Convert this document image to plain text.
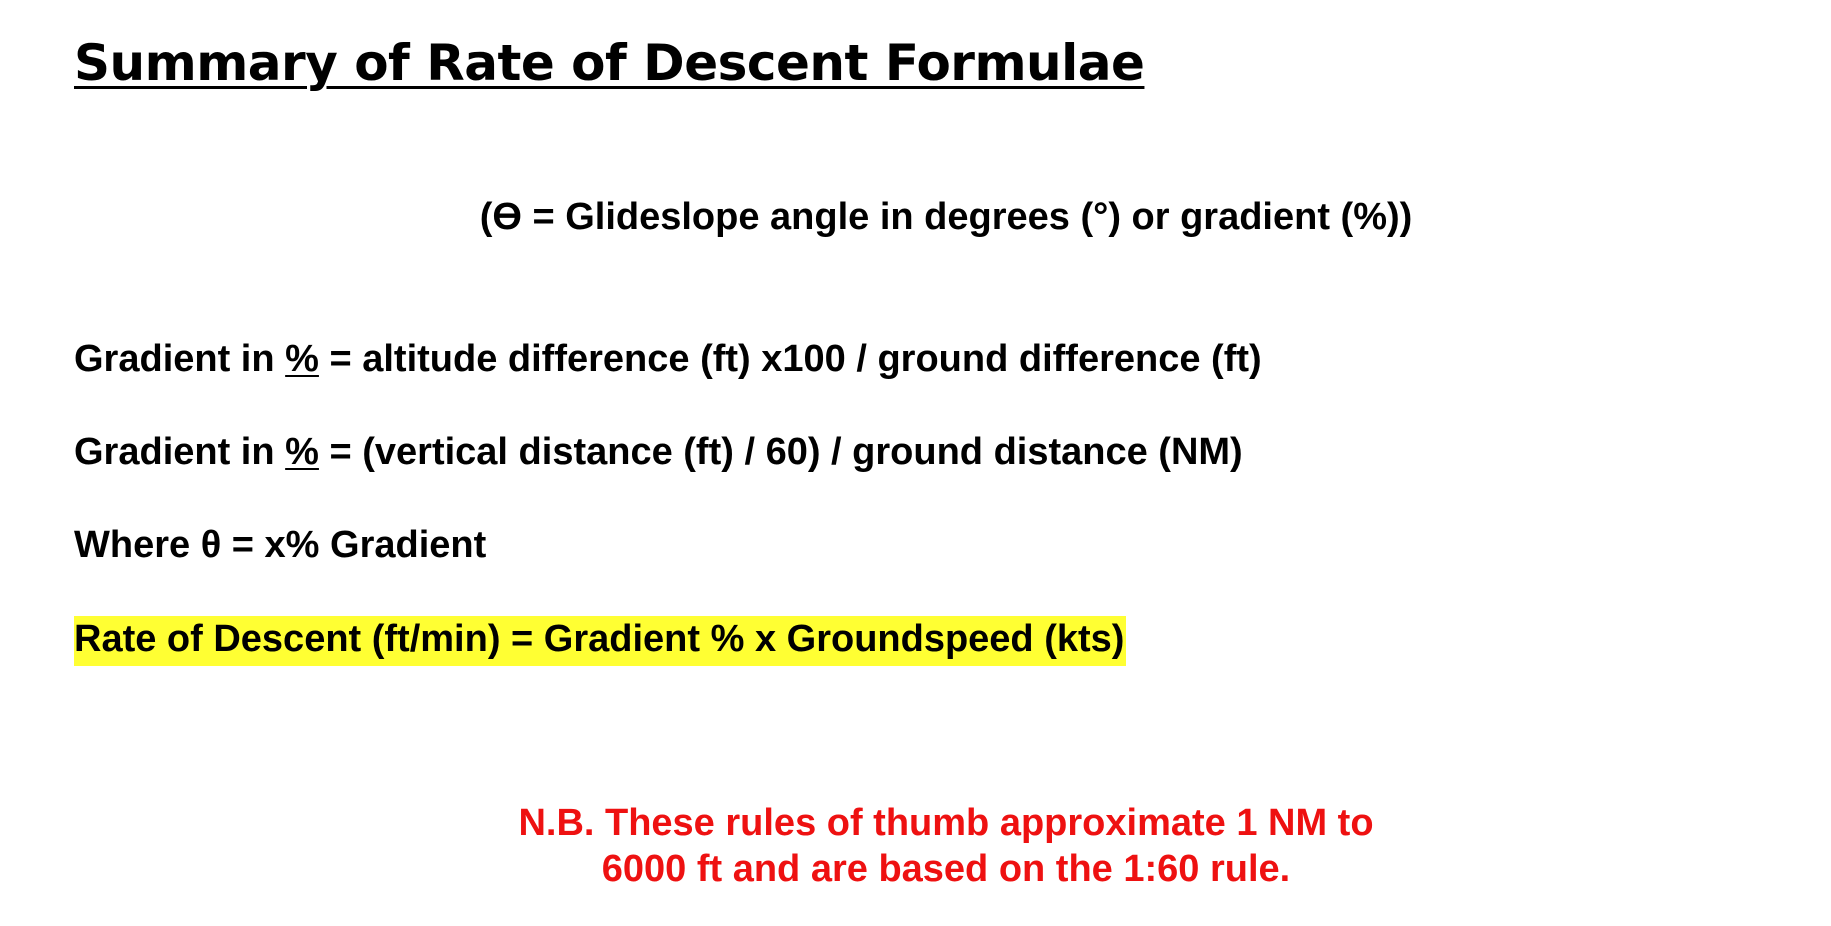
Summary of Rate of Descent Formulae
(ϴ = Glideslope angle in degrees (°) or gradient (%))
Gradient in % = altitude difference (ft) x100 / ground difference (ft)
Gradient in % = (vertical distance (ft) / 60) / ground distance (NM)
Where θ = x% Gradient
Rate of Descent (ft/min) = Gradient % x Groundspeed (kts)
N.B. These rules of thumb approximate 1 NM to
6000 ft and are based on the 1:60 rule.
